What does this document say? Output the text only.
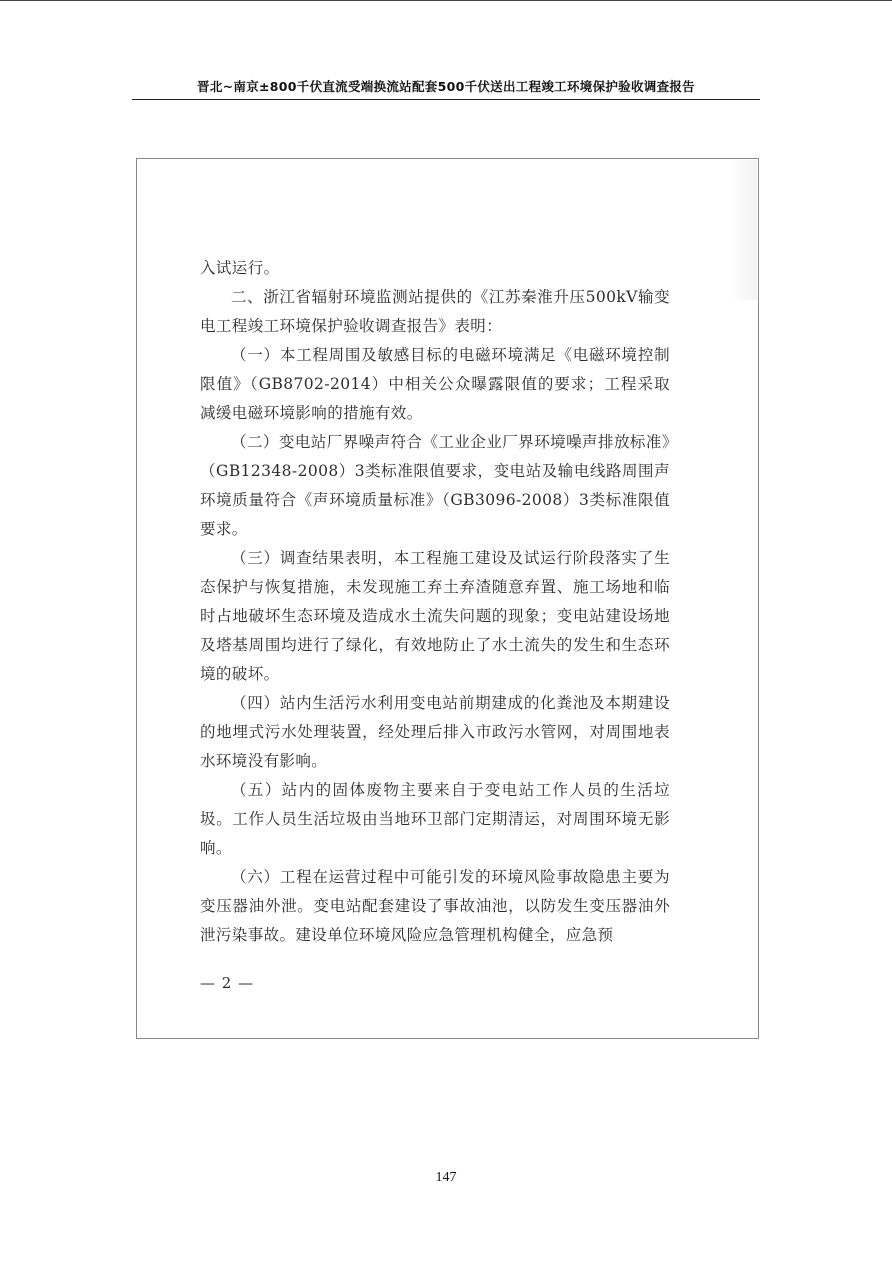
晋北~南京±800千伏直流受端换流站配套500千伏送出工程竣工环境保护验收调查报告

入试运行。

二、浙江省辐射环境监测站提供的《江苏秦淮升压500kV输变电工程竣工环境保护验收调查报告》表明：

（一）本工程周围及敏感目标的电磁环境满足《电磁环境控制限值》（GB8702-2014）中相关公众曝露限值的要求；工程采取减缓电磁环境影响的措施有效。

（二）变电站厂界噪声符合《工业企业厂界环境噪声排放标准》（GB12348-2008）3类标准限值要求，变电站及输电线路周围声环境质量符合《声环境质量标准》（GB3096-2008）3类标准限值要求。

（三）调查结果表明，本工程施工建设及试运行阶段落实了生态保护与恢复措施，未发现施工弃土弃渣随意弃置、施工场地和临时占地破坏生态环境及造成水土流失问题的现象；变电站建设场地及塔基周围均进行了绿化，有效地防止了水土流失的发生和生态环境的破坏。

（四）站内生活污水利用变电站前期建成的化粪池及本期建设的地埋式污水处理装置，经处理后排入市政污水管网，对周围地表水环境没有影响。

（五）站内的固体废物主要来自于变电站工作人员的生活垃圾。工作人员生活垃圾由当地环卫部门定期清运，对周围环境无影响。

（六）工程在运营过程中可能引发的环境风险事故隐患主要为变压器油外泄。变电站配套建设了事故油池，以防发生变压器油外泄污染事故。建设单位环境风险应急管理机构健全，应急预

— 2 —
147
